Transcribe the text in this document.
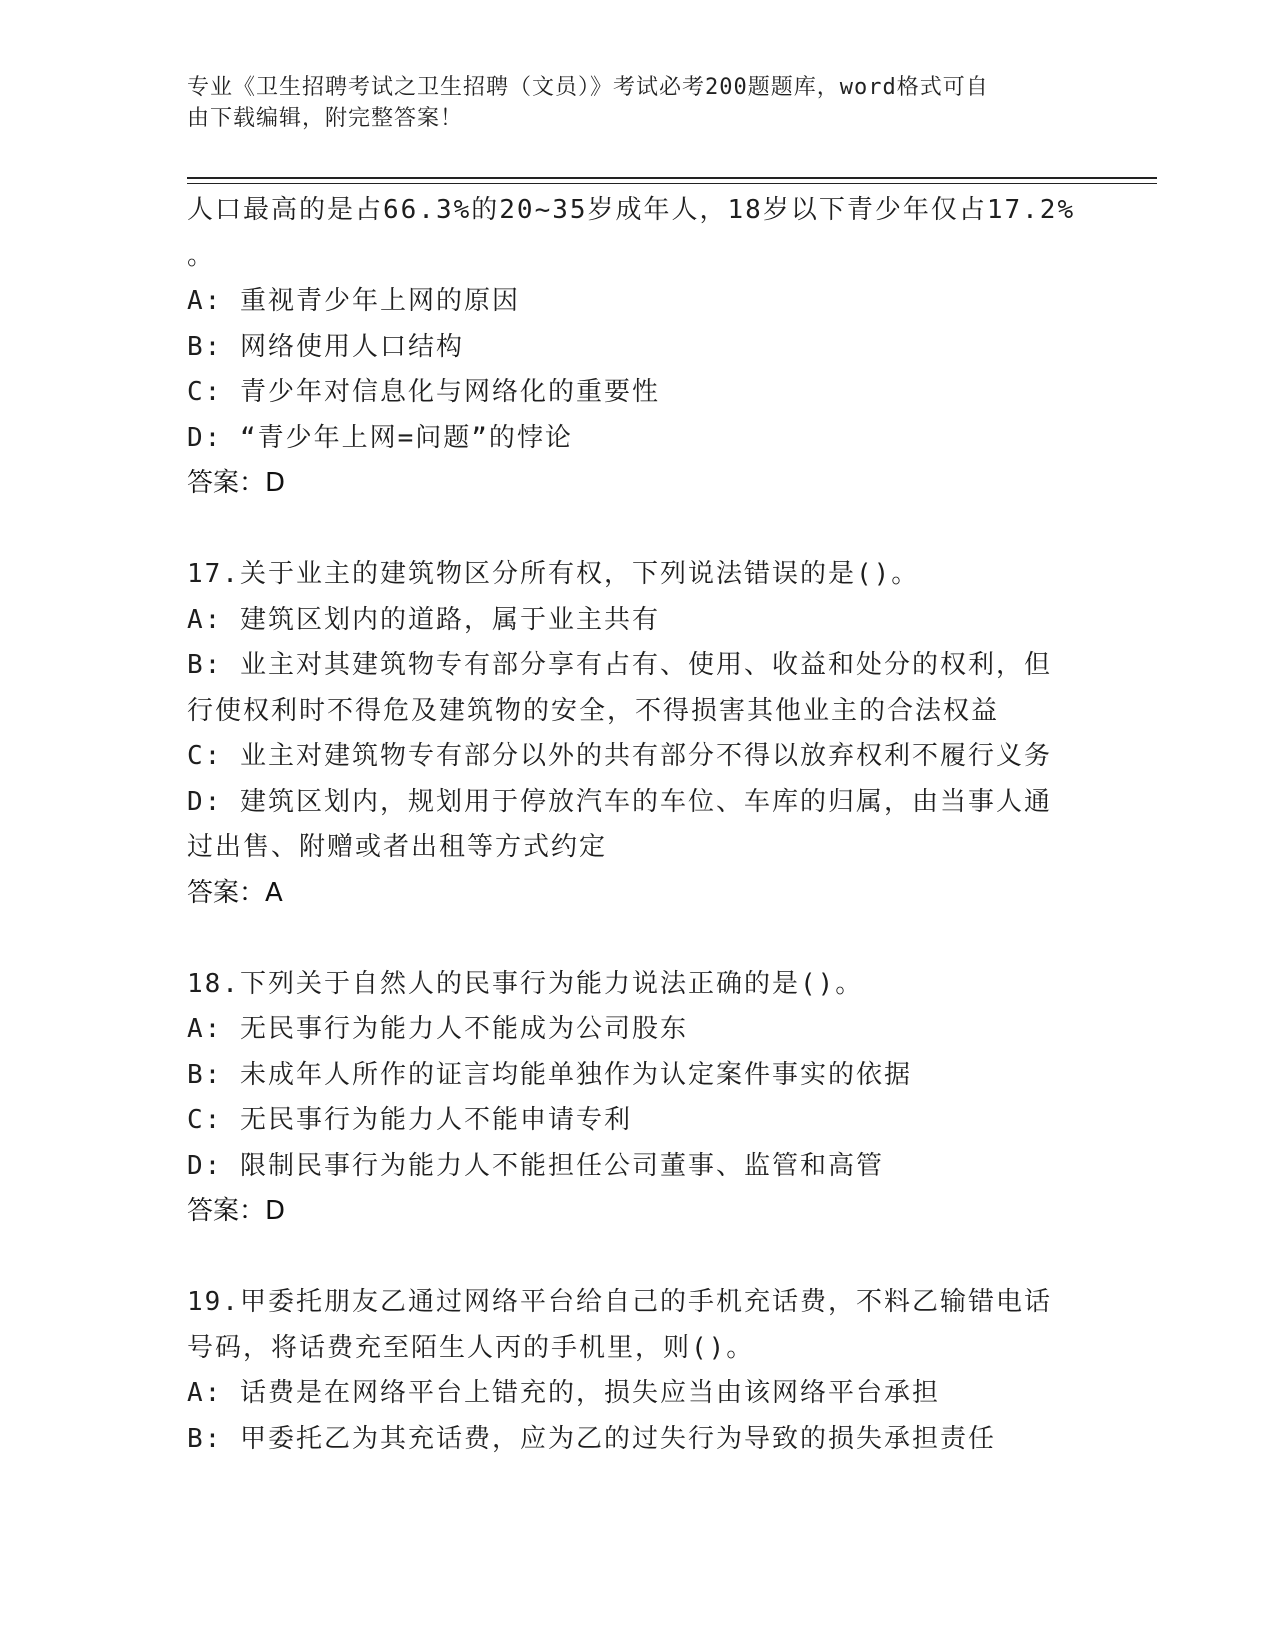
专业《卫生招聘考试之卫生招聘（文员）》考试必考200题题库，word格式可自
由下载编辑，附完整答案！

人口最高的是占66.3%的20~35岁成年人，18岁以下青少年仅占17.2%

。

A: 重视青少年上网的原因

B: 网络使用人口结构

C: 青少年对信息化与网络化的重要性

D: “青少年上网=问题”的悖论

答案：D

17.关于业主的建筑物区分所有权，下列说法错误的是()。

A: 建筑区划内的道路，属于业主共有

B: 业主对其建筑物专有部分享有占有、使用、收益和处分的权利，但

行使权利时不得危及建筑物的安全，不得损害其他业主的合法权益

C: 业主对建筑物专有部分以外的共有部分不得以放弃权利不履行义务

D: 建筑区划内，规划用于停放汽车的车位、车库的归属，由当事人通

过出售、附赠或者出租等方式约定

答案：A

18.下列关于自然人的民事行为能力说法正确的是()。

A: 无民事行为能力人不能成为公司股东

B: 未成年人所作的证言均能单独作为认定案件事实的依据

C: 无民事行为能力人不能申请专利

D: 限制民事行为能力人不能担任公司董事、监管和高管

答案：D

19.甲委托朋友乙通过网络平台给自己的手机充话费，不料乙输错电话

号码，将话费充至陌生人丙的手机里，则()。

A: 话费是在网络平台上错充的，损失应当由该网络平台承担

B: 甲委托乙为其充话费，应为乙的过失行为导致的损失承担责任
